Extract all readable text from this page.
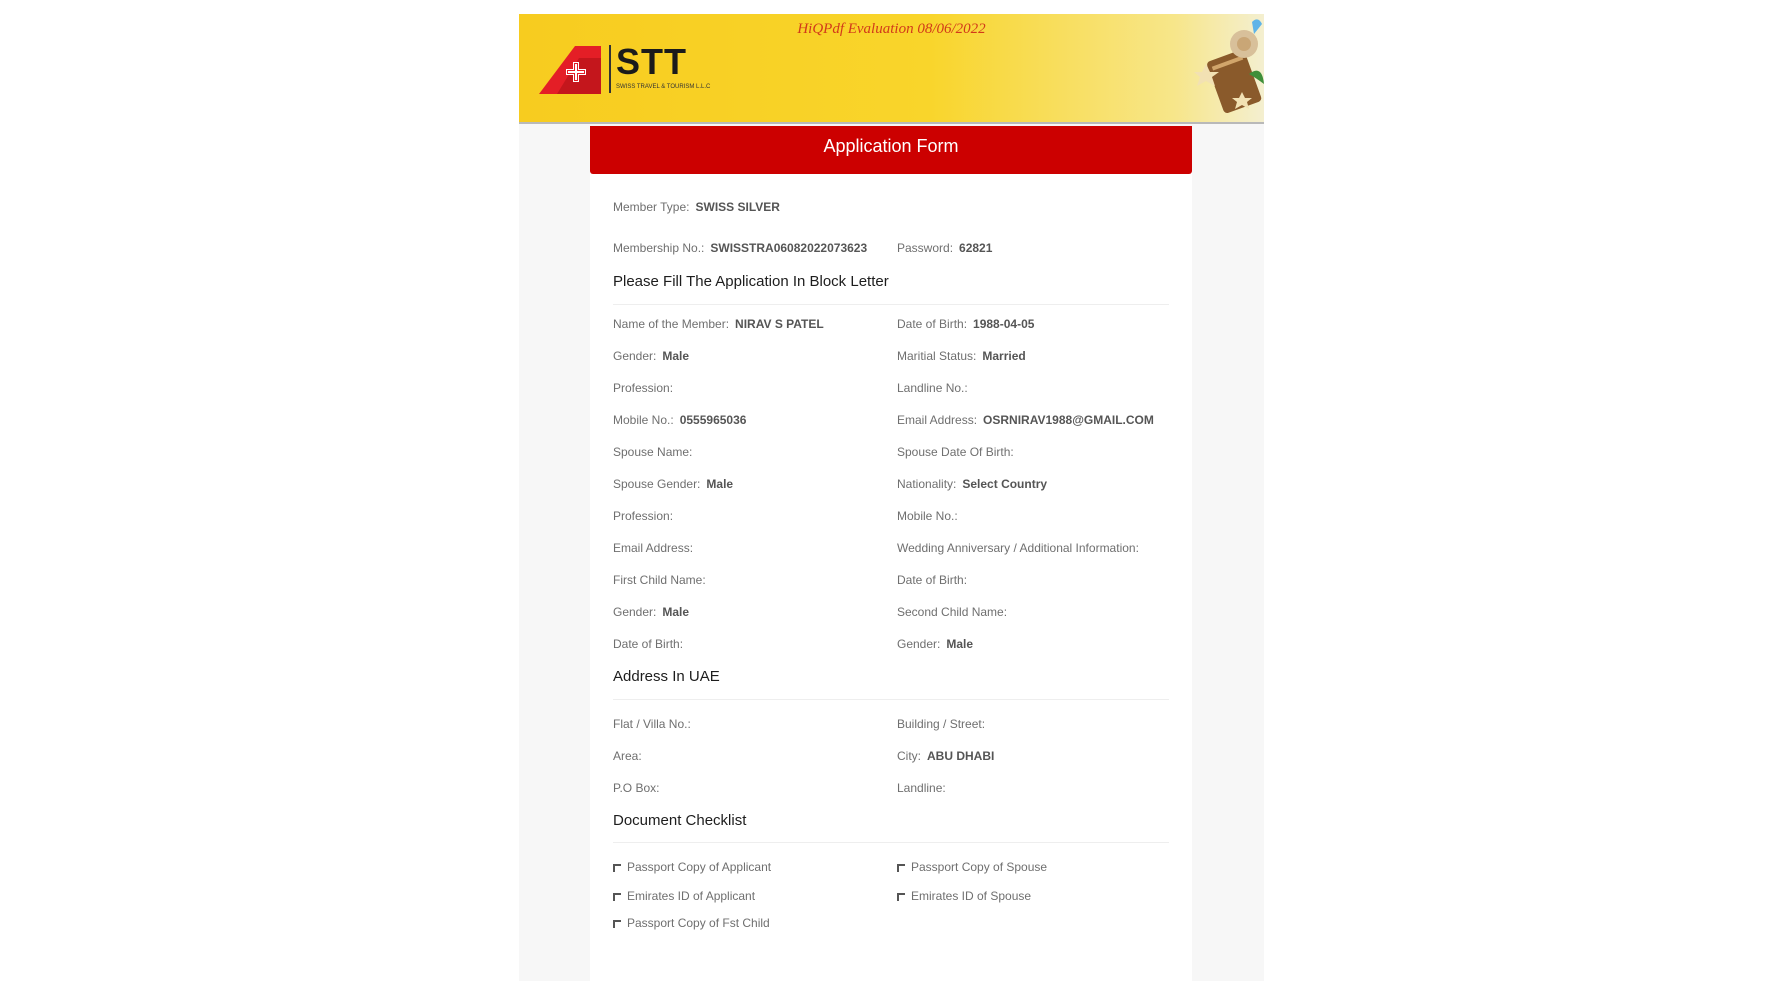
HiQPdf Evaluation 08/06/2022
STT
SWISS TRAVEL & TOURISM L.L.C
Application Form
Member Type: SWISS SILVER
Membership No.: SWISSTRA06082022073623 Password: 62821
Please Fill The Application In Block Letter
Name of the Member: NIRAV S PATEL	Date of Birth: 1988-04-05
Gender: Male	Maritial Status: Married
Profession:	Landline No.:
Mobile No.: 0555965036	Email Address: OSRNIRAV1988@GMAIL.COM
Spouse Name:	Spouse Date Of Birth:
Spouse Gender: Male	Nationality: Select Country
Profession:	Mobile No.:
Email Address:	Wedding Anniversary / Additional Information:
First Child Name:	Date of Birth:
Gender: Male	Second Child Name:
Date of Birth:	Gender: Male
Address In UAE
Flat / Villa No.:	Building / Street:
Area:	City: ABU DHABI
P.O Box:	Landline:
Document Checklist
Passport Copy of Applicant	Passport Copy of Spouse
Emirates ID of Applicant	Emirates ID of Spouse
Passport Copy of Fst Child
